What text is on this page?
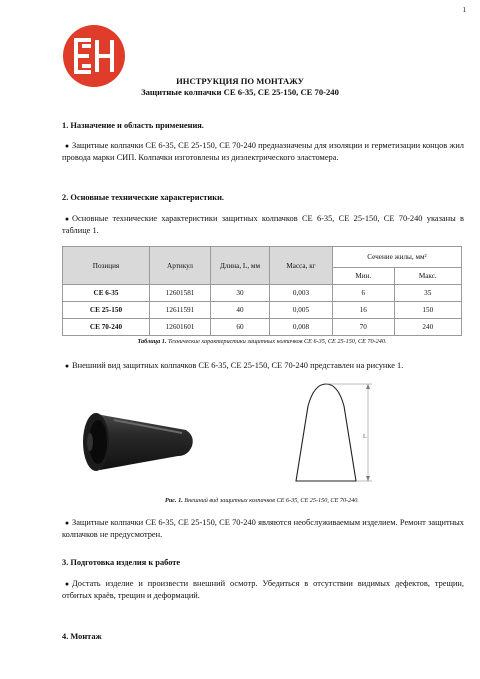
1
ИНСТРУКЦИЯ ПО МОНТАЖУ
Защитные колпачки CE 6-35, CE 25-150, CE 70-240
1. Назначение и область применения.
● Защитные колпачки CE 6-35, CE 25-150, CE 70-240 предназначены для изоляции и герметизации концов жил провода марки СИП. Колпачки изготовлены из диэлектрического эластомера.
2. Основные технические характеристики.
● Основные технические характеристики защитных колпачков CE 6-35, CE 25-150, CE 70-240 указаны в таблице 1.
Позиция	Артикул	Длина, L, мм	Масса, кг	Сечение жилы, мм²	
				Мин.	Макс.
CE 6-35	12601581	30	0,003	6	35
CE 25-150	12611591	40	0,005	16	150
CE 70-240	12601601	60	0,008	70	240
Таблица 1. Технические характеристики защитных колпачков CE 6-35, CE 25-150, CE 70-240.
● Внешний вид защитных колпачков CE 6-35, CE 25-150, CE 70-240 представлен на рисунке 1.
L
Рис. 1. Внешний вид защитных колпачков CE 6-35, CE 25-150, CE 70-240.
● Защитные колпачки CE 6-35, CE 25-150, CE 70-240 являются необслуживаемым изделием. Ремонт защитных колпачков не предусмотрен.
3. Подготовка изделия к работе
● Достать изделие и произвести внешний осмотр. Убедиться в отсутствии видимых дефектов, трещин, отбитых краёв, трещин и деформаций.
4. Монтаж
